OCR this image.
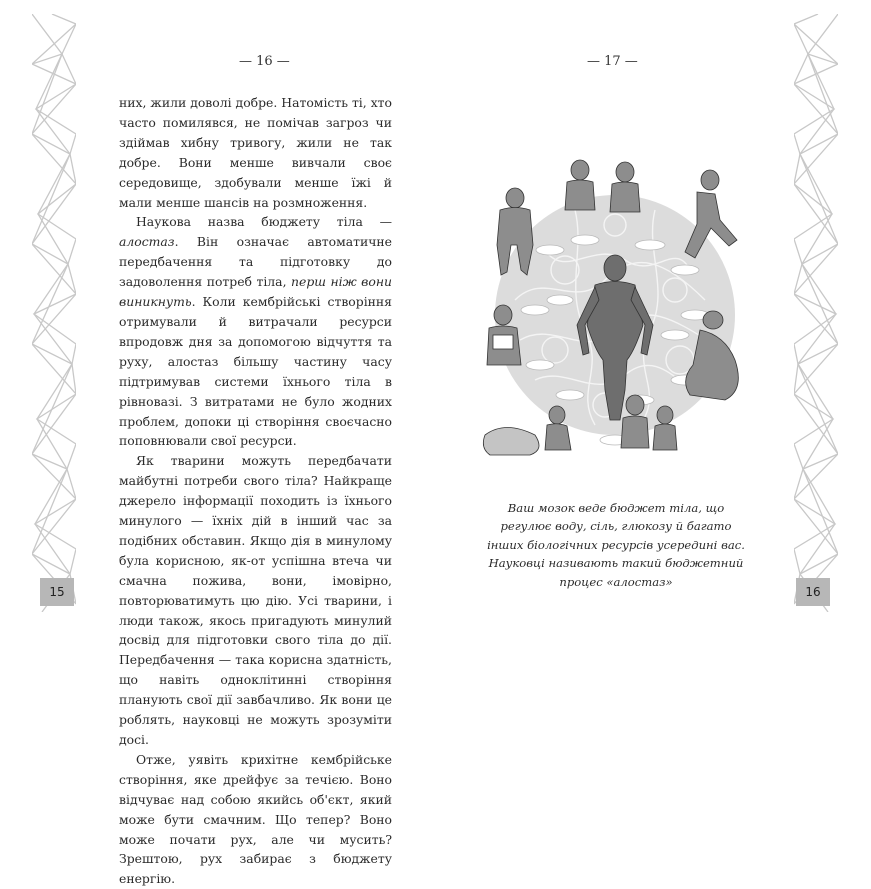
15	16
— 16 —	— 17 —

них, жили доволі добре. Натомість ті, хто часто помилявся, не помічав загроз чи здіймав хибну тривогу, жили не так добре. Вони менше вивчали своє середовище, здобували менше їжі й мали менше шансів на розмноження.

Наукова назва бюджету тіла — алостаз. Він означає автоматичне передбачення та підготовку до задоволення потреб тіла, перш ніж вони виникнуть. Коли кембрійські створіння отримували й витрачали ресурси впродовж дня за допомогою відчуття та руху, алостаз більшу частину часу підтримував системи їхнього тіла в рівновазі. З витратами не було жодних проблем, допоки ці створіння своєчасно поповнювали свої ресурси.

Як тварини можуть передбачати майбутні потреби свого тіла? Найкраще джерело інформації походить із їхнього минулого — їхніх дій в інший час за подібних обставин. Якщо дія в минулому була корисною, як-от успішна втеча чи смачна пожива, вони, імовірно, повторюватимуть цю дію. Усі тварини, і люди також, якось пригадують минулий досвід для підготовки свого тіла до дії. Передбачення — така корисна здатність, що навіть одноклітинні створіння планують свої дії завбачливо. Як вони це роблять, науковці не можуть зрозуміти досі.

Отже, уявіть крихітне кембрійське створіння, яке дрейфує за течією. Воно відчуває над собою якийсь об'єкт, який може бути смачним. Що тепер? Воно може почати рух, але чи мусить? Зрештою, рух забирає з бюджету енергію.

Ваш мозок веде бюджет тіла, що регулює воду, сіль, глюкозу й багато інших біологічних ресурсів усередині вас. Науковці називають такий бюджетний процес «алостаз»
